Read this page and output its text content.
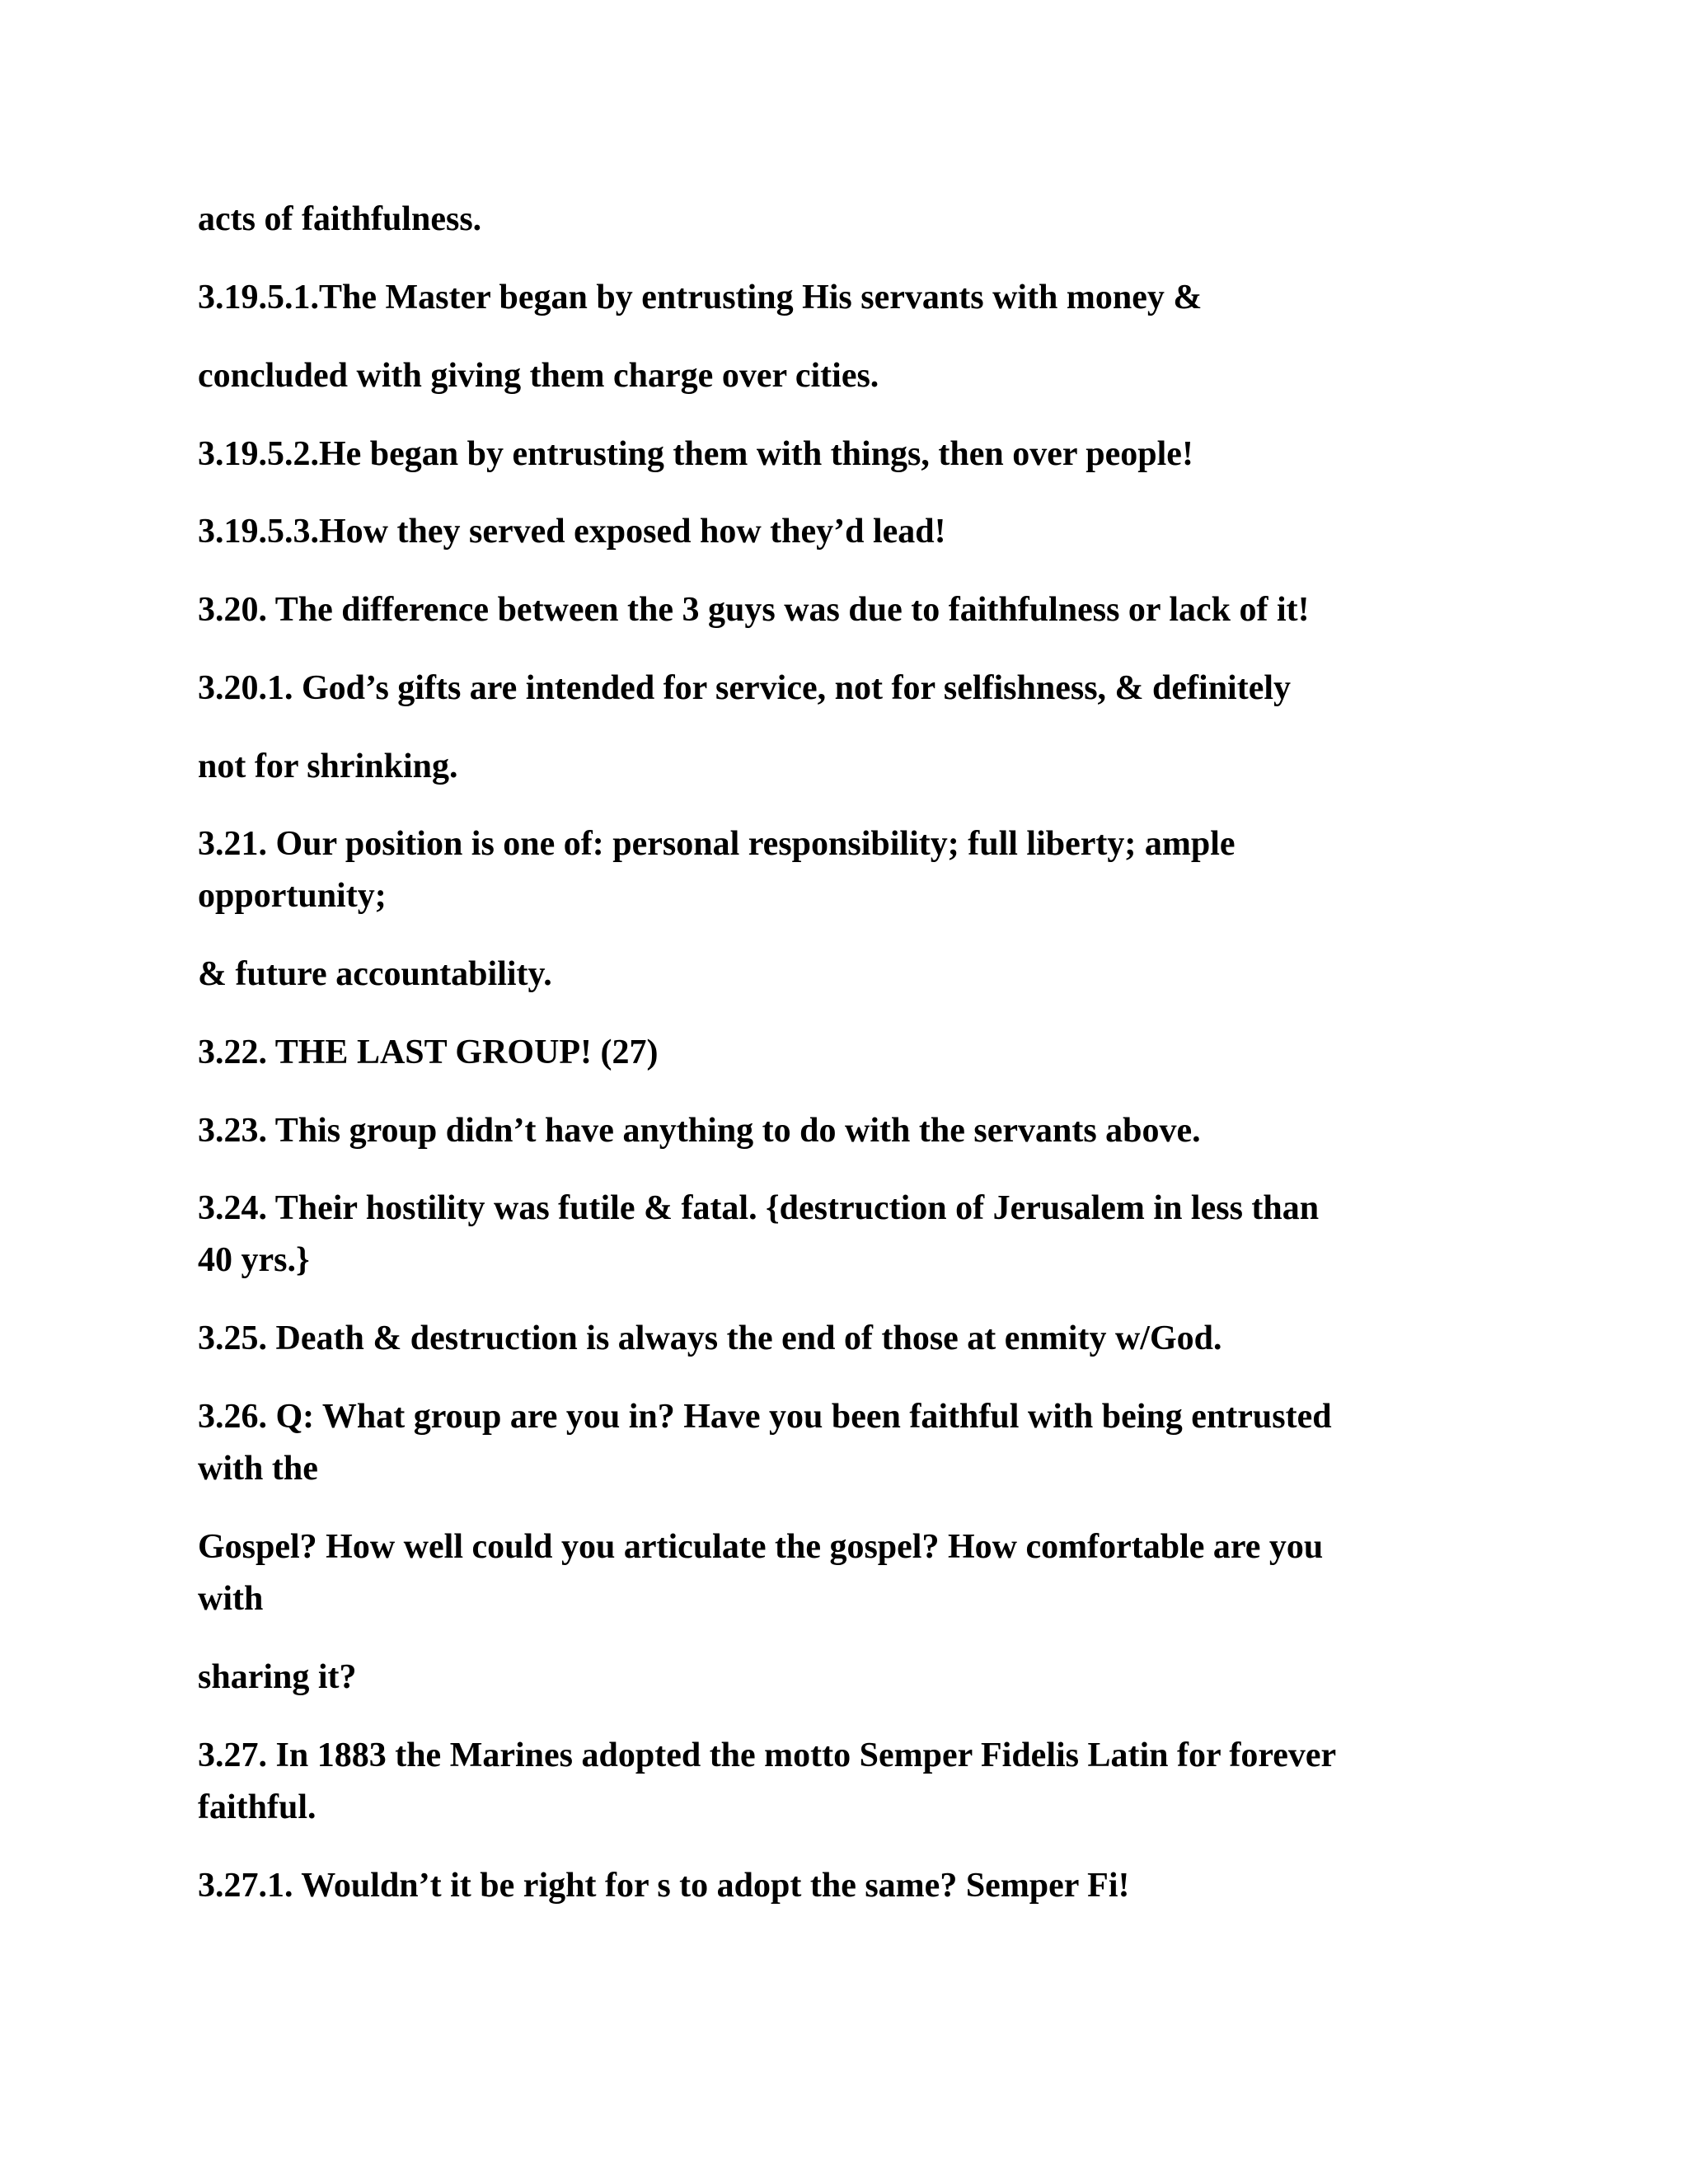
acts of faithfulness.

3.19.5.1.The Master began by entrusting His servants with money &

concluded with giving them charge over cities.

3.19.5.2.He began by entrusting them with things, then over people!

3.19.5.3.How they served exposed how they’d lead!

3.20. The difference between the 3 guys was due to faithfulness or lack of it!

3.20.1. God’s gifts are intended for service, not for selfishness, & definitely

not for shrinking.

3.21. Our position is one of: personal responsibility; full liberty; ample

opportunity;

& future accountability.

3.22. THE LAST GROUP! (27)

3.23. This group didn’t have anything to do with the servants above.

3.24. Their hostility was futile & fatal. {destruction of Jerusalem in less than

40 yrs.}

3.25. Death & destruction is always the end of those at enmity w/God.

3.26. Q: What group are you in? Have you been faithful with being entrusted

with the

Gospel? How well could you articulate the gospel? How comfortable are you

with

sharing it?

3.27. In 1883 the Marines adopted the motto Semper Fidelis Latin for forever

faithful.

3.27.1. Wouldn’t it be right for s to adopt the same? Semper Fi!
